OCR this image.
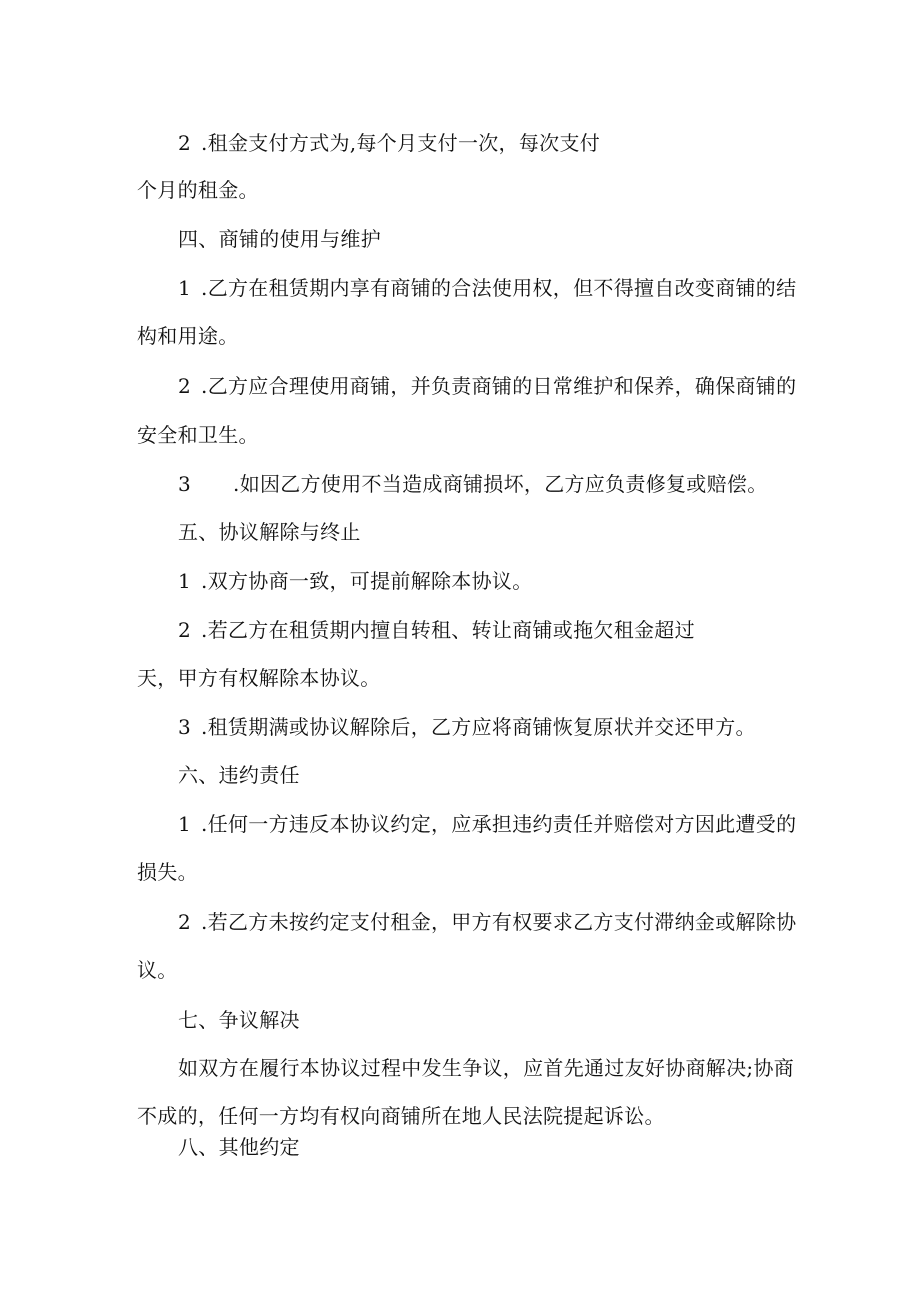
2 .租金支付方式为,每个月支付一次，每次支付
个月的租金。
四、商铺的使用与维护
1 .乙方在租赁期内享有商铺的合法使用权，但不得擅自改变商铺的结
构和用途。
2 .乙方应合理使用商铺，并负责商铺的日常维护和保养，确保商铺的
安全和卫生。
3 .如因乙方使用不当造成商铺损坏，乙方应负责修复或赔偿。
五、协议解除与终止
1 .双方协商一致，可提前解除本协议。
2 .若乙方在租赁期内擅自转租、转让商铺或拖欠租金超过
天，甲方有权解除本协议。
3 .租赁期满或协议解除后，乙方应将商铺恢复原状并交还甲方。
六、违约责任
1 .任何一方违反本协议约定，应承担违约责任并赔偿对方因此遭受的
损失。
2 .若乙方未按约定支付租金，甲方有权要求乙方支付滞纳金或解除协
议。
七、争议解决
如双方在履行本协议过程中发生争议，应首先通过友好协商解决;协商
不成的，任何一方均有权向商铺所在地人民法院提起诉讼。
八、其他约定
